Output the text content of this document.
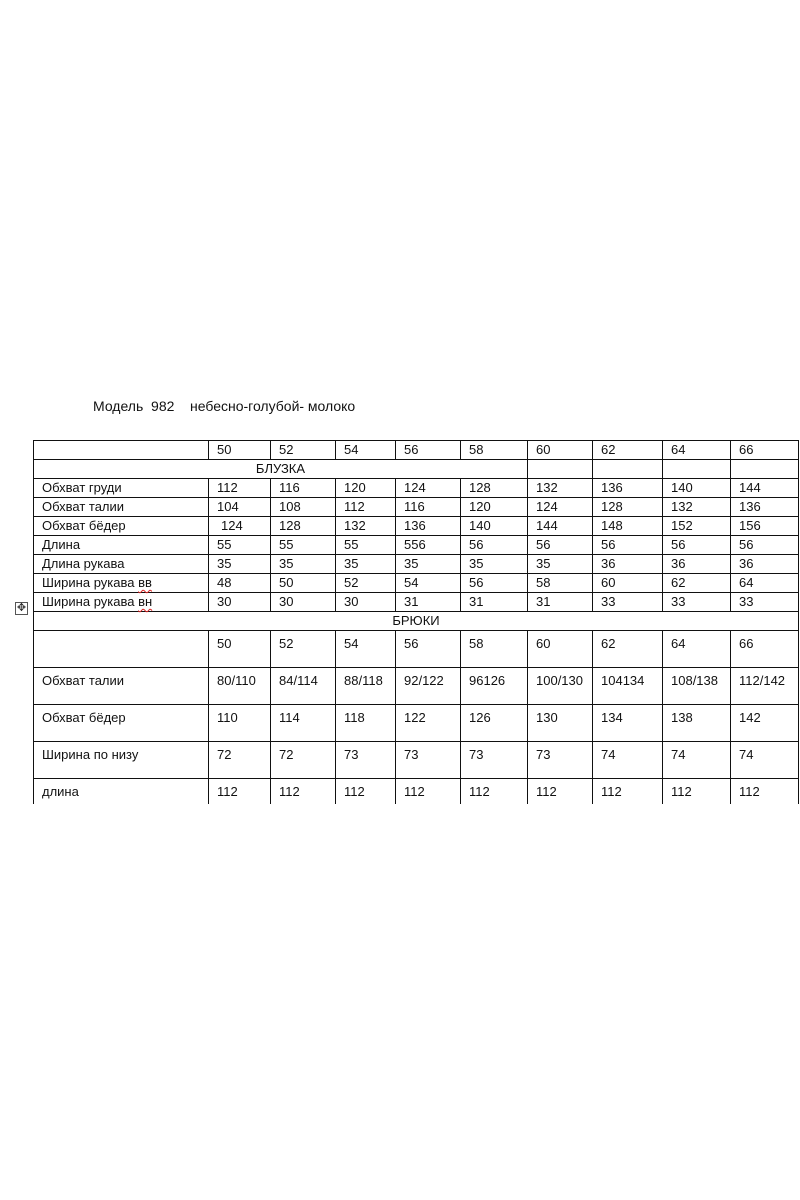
Модель 982 небесно-голубой- молоко
✥
	50	52	54	56	58	60	62	64	66
БЛУЗКА									
Обхват груди	112	116	120	124	128	132	136	140	144
Обхват талии	104	108	112	116	120	124	128	132	136
Обхват бёдер	124	128	132	136	140	144	148	152	156
Длина	55	55	55	556	56	56	56	56	56
Длина рукава	35	35	35	35	35	35	36	36	36
Ширина рукава вв	48	50	52	54	56	58	60	62	64
Ширина рукава вн	30	30	30	31	31	31	33	33	33
БРЮКИ									
	50	52	54	56	58	60	62	64	66
Обхват талии	80/110	84/114	88/118	92/122	96126	100/130	104134	108/138	112/142
Обхват бёдер	110	114	118	122	126	130	134	138	142
Ширина по низу	72	72	73	73	73	73	74	74	74
длина	112	112	112	112	112	112	112	112	112
